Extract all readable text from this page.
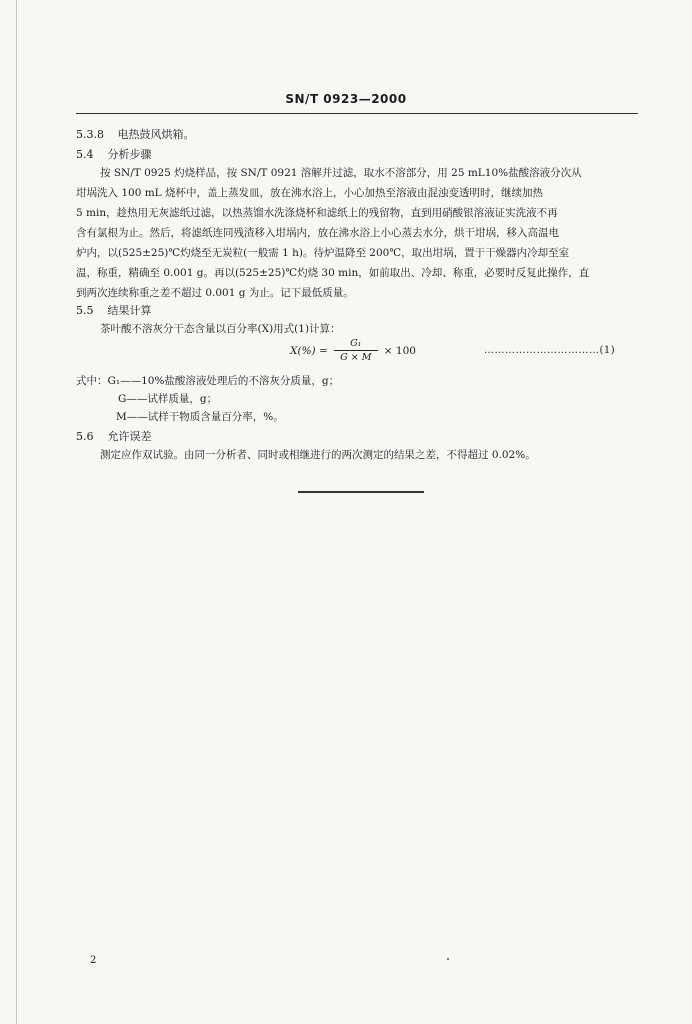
SN/T 0923—2000
5.3.8 电热鼓风烘箱。
5.4 分析步骤
按 SN/T 0925 灼烧样品，按 SN/T 0921 溶解并过滤，取水不溶部分，用 25 mL10%盐酸溶液分次从
坩埚洗入 100 mL 烧杯中，盖上蒸发皿，放在沸水浴上，小心加热至溶液由混浊变透明时，继续加热
5 min，趁热用无灰滤纸过滤，以热蒸馏水洗涤烧杯和滤纸上的残留物，直到用硝酸银溶液证实洗液不再
含有氯根为止。然后，将滤纸连同残渣移入坩埚内，放在沸水浴上小心蒸去水分，烘干坩埚，移入高温电
炉内，以(525±25)℃灼烧至无炭粒(一般需 1 h)。待炉温降至 200℃，取出坩埚，置于干燥器内冷却至室
温，称重，精确至 0.001 g。再以(525±25)℃灼烧 30 min，如前取出、冷却、称重，必要时反复此操作，直
到两次连续称重之差不超过 0.001 g 为止。记下最低质量。
5.5 结果计算
茶叶酸不溶灰分干态含量以百分率(X)用式(1)计算：
$X(\%) = \frac{\text{G₁}}{G \times M} \times 100$	……………………………(1)
式中：G₁——10%盐酸溶液处理后的不溶灰分质量，g；
G——试样质量，g；
M——试样干物质含量百分率，%。
5.6 允许误差
测定应作双试验。由同一分析者、同时或相继进行的两次测定的结果之差，不得超过 0.02%。
2
